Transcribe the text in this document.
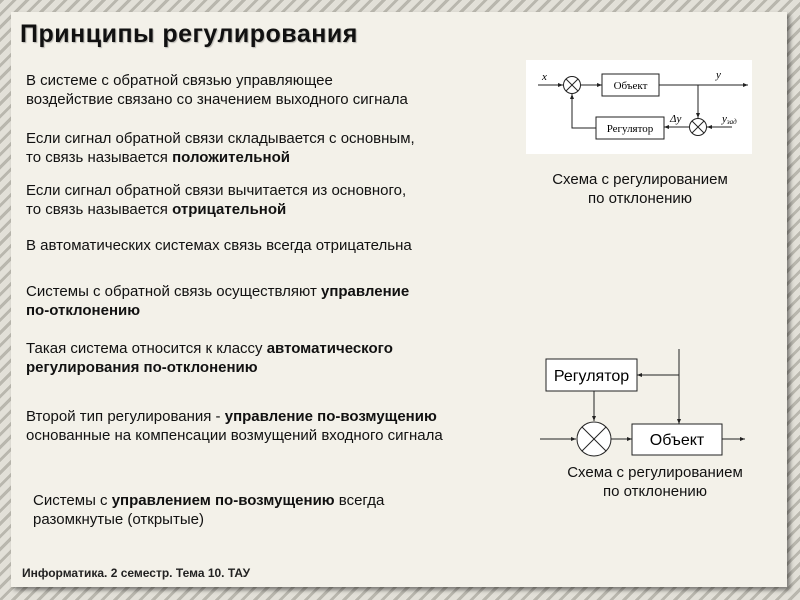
Принципы регулирования
В системе с обратной связью управляющее
воздействие связано со значением выходного сигнала
Если сигнал обратной связи складывается с основным,
то связь называется положительной
Если сигнал обратной связи вычитается из основного,
то связь называется отрицательной
В автоматических системах связь всегда отрицательна
Системы с обратной связь осуществляют управление
по-отклонению
Такая система относится к классу автоматического
регулирования по-отклонению
Второй тип регулирования - управление по-возмущению
основанные на компенсации возмущений входного сигнала
Системы с управлением по-возмущению всегда
разомкнутые (открытые)
x
Объект
y
yзад
Δy
Регулятор
Схема с регулированием
по отклонению
Регулятор
Объект
Схема с регулированием
по отклонению
Информатика. 2 семестр. Тема 10. ТАУ
